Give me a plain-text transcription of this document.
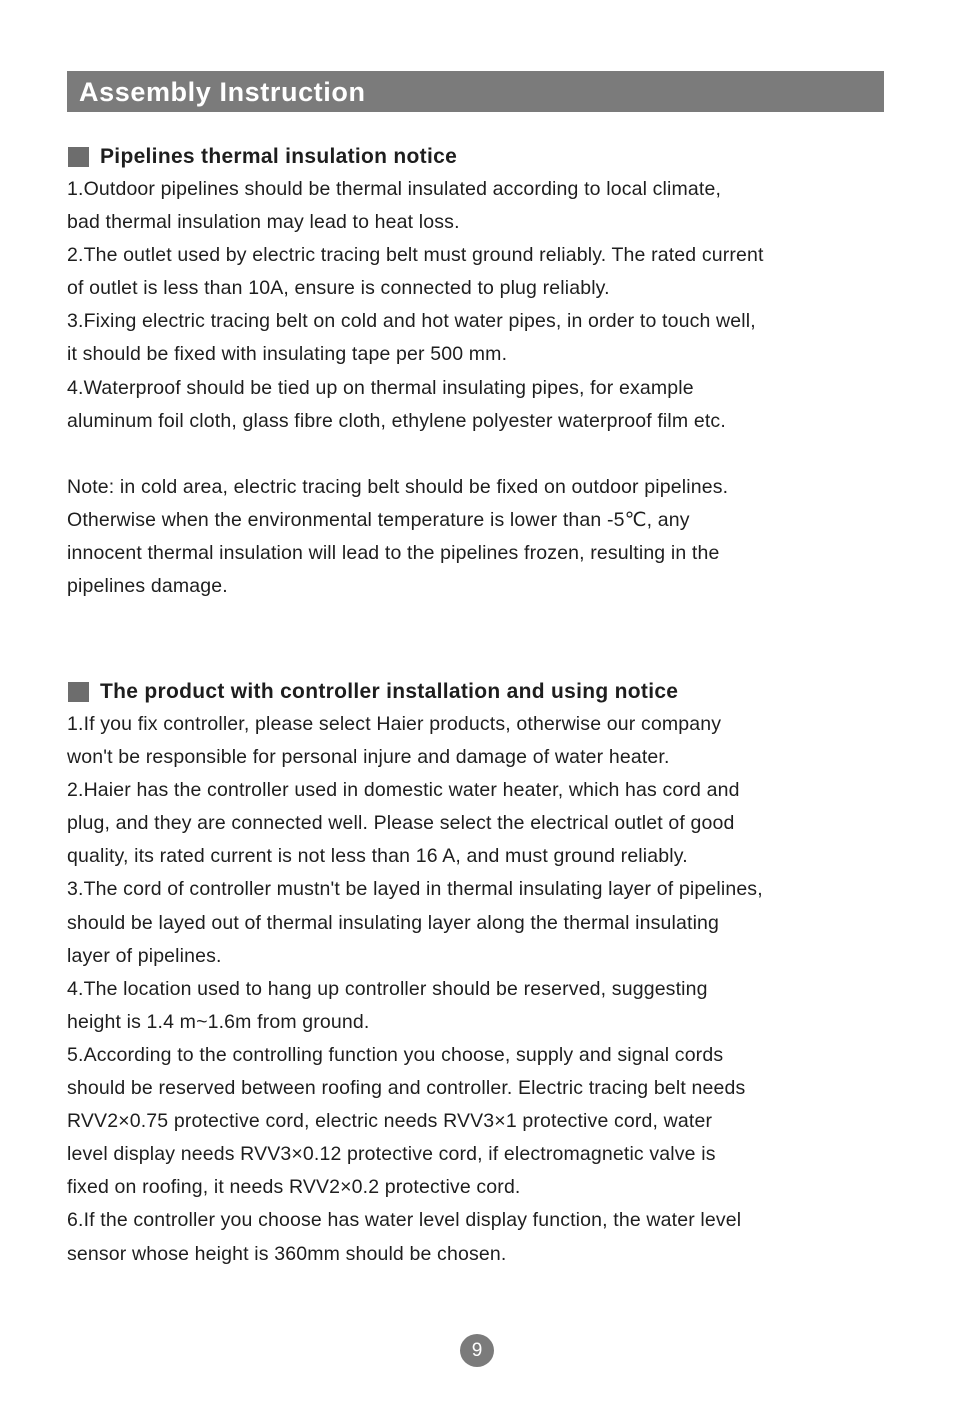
Assembly Instruction
Pipelines thermal insulation notice
1.Outdoor pipelines should be thermal insulated according to local climate,
bad thermal insulation may lead to heat loss.
2.The outlet used by electric tracing belt must ground reliably. The rated current
of outlet is less than 10A, ensure is connected to plug reliably.
3.Fixing electric tracing belt on cold and hot water pipes, in order to touch well,
it should be fixed with insulating tape per 500 mm.
4.Waterproof should be tied up on thermal insulating pipes, for example
aluminum foil cloth, glass fibre cloth, ethylene polyester waterproof film etc.
Note: in cold area, electric tracing belt should be fixed on outdoor pipelines.
Otherwise when the environmental temperature is lower than -5℃, any
innocent thermal insulation will lead to the pipelines frozen, resulting in the
pipelines damage.
The product with controller installation and using notice
1.If you fix controller, please select Haier products, otherwise our company
won't be responsible for personal injure and damage of water heater.
2.Haier has the controller used in domestic water heater, which has cord and
plug, and they are connected well. Please select the electrical outlet of good
quality, its rated current is not less than 16 A, and must ground reliably.
3.The cord of controller mustn't be layed in thermal insulating layer of pipelines,
should be layed out of thermal insulating layer along the thermal insulating
layer of pipelines.
4.The location used to hang up controller should be reserved, suggesting
height is 1.4 m~1.6m from ground.
5.According to the controlling function you choose, supply and signal cords
should be reserved between roofing and controller. Electric tracing belt needs
RVV2×0.75 protective cord, electric needs RVV3×1 protective cord, water
level display needs RVV3×0.12 protective cord, if electromagnetic valve is
fixed on roofing, it needs RVV2×0.2 protective cord.
6.If the controller you choose has water level display function, the water level
sensor whose height is 360mm should be chosen.
9
